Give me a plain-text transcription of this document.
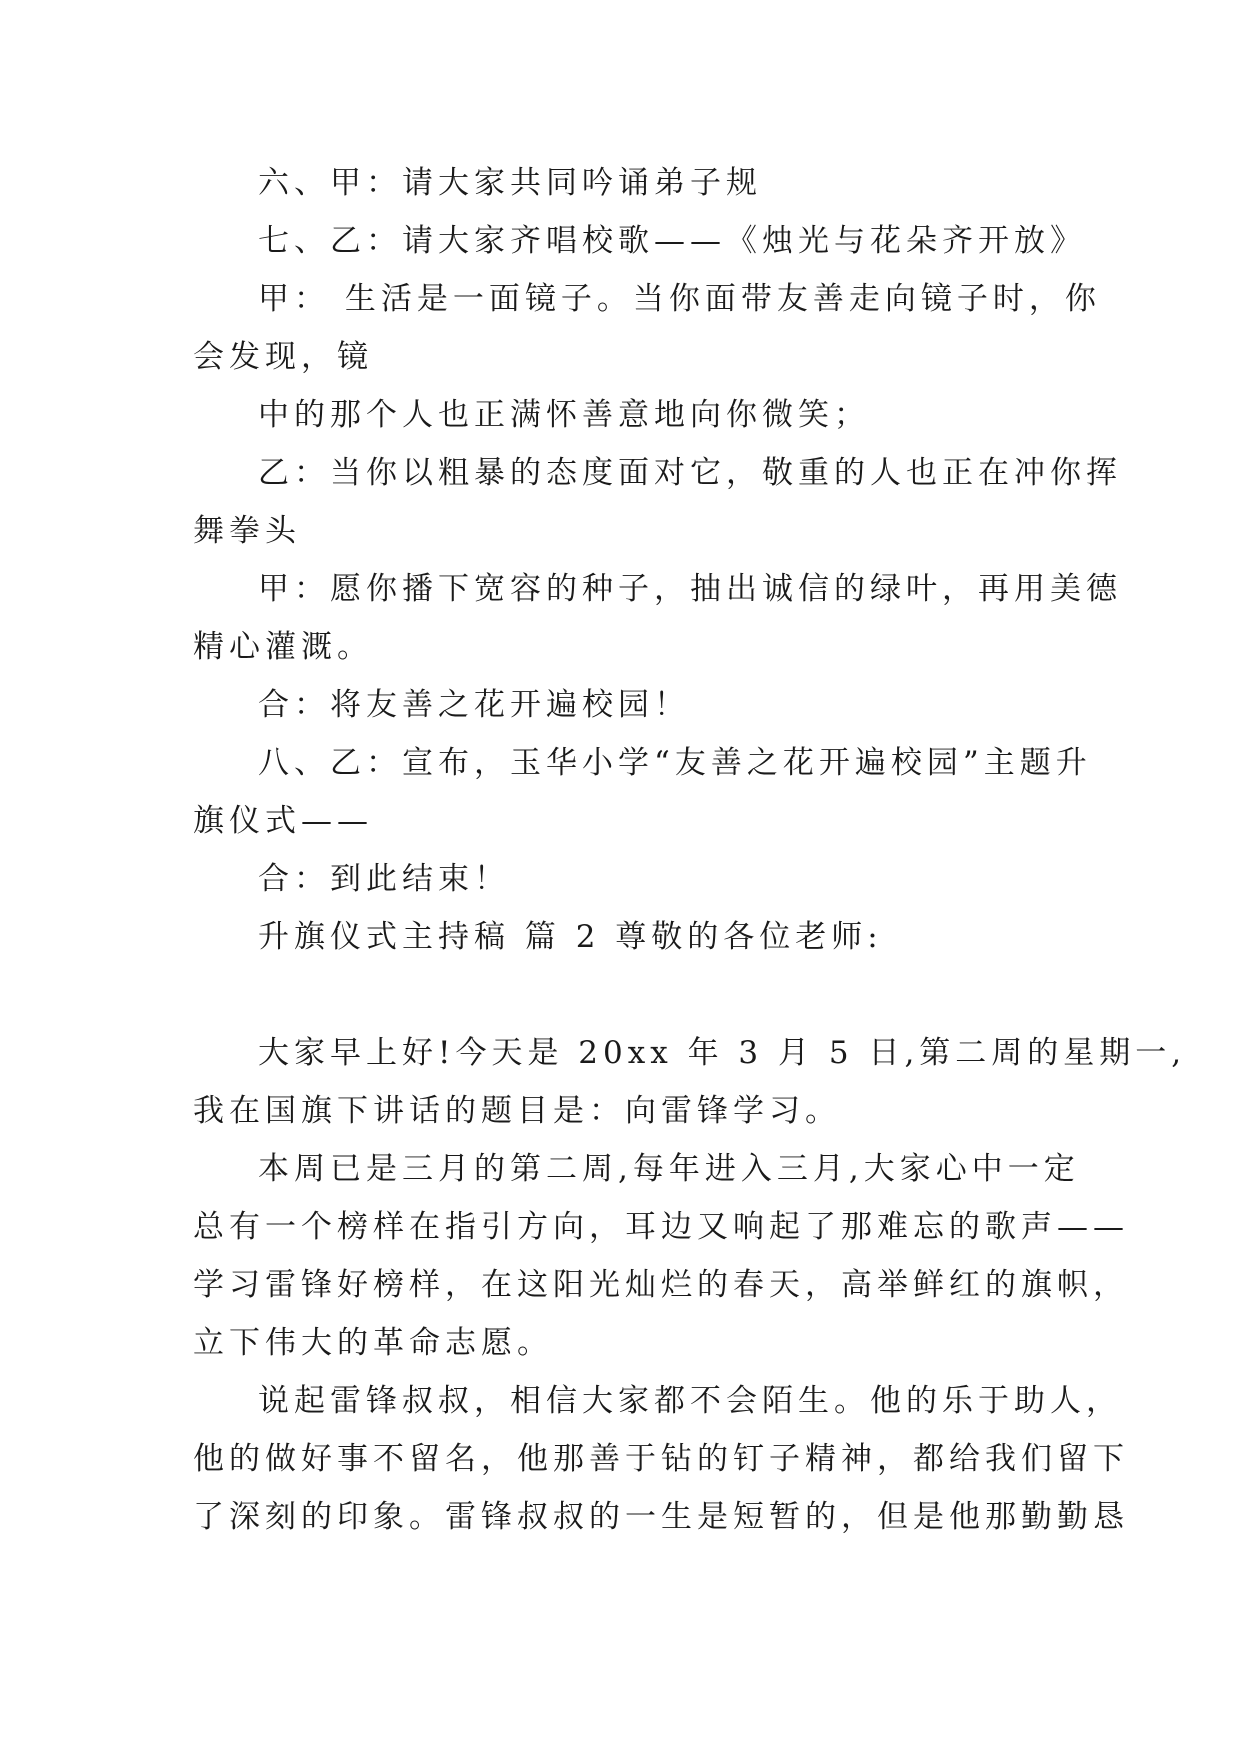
六、甲：请大家共同吟诵弟子规
七、乙：请大家齐唱校歌——《烛光与花朵齐开放》
甲： 生活是一面镜子。当你面带友善走向镜子时，你
会发现，镜
中的那个人也正满怀善意地向你微笑；
乙：当你以粗暴的态度面对它，敬重的人也正在冲你挥
舞拳头
甲：愿你播下宽容的种子，抽出诚信的绿叶，再用美德
精心灌溉。
合：将友善之花开遍校园！
八、乙：宣布，玉华小学“友善之花开遍校园”主题升
旗仪式——
合：到此结束！
升旗仪式主持稿 篇 2 尊敬的各位老师:
大家早上好!今天是 20xx 年 3 月 5 日,第二周的星期一,
我在国旗下讲话的题目是：向雷锋学习。
本周已是三月的第二周,每年进入三月,大家心中一定
总有一个榜样在指引方向，耳边又响起了那难忘的歌声——
学习雷锋好榜样，在这阳光灿烂的春天，高举鲜红的旗帜，
立下伟大的革命志愿。
说起雷锋叔叔，相信大家都不会陌生。他的乐于助人，
他的做好事不留名，他那善于钻的钉子精神，都给我们留下
了深刻的印象。雷锋叔叔的一生是短暂的，但是他那勤勤恳
